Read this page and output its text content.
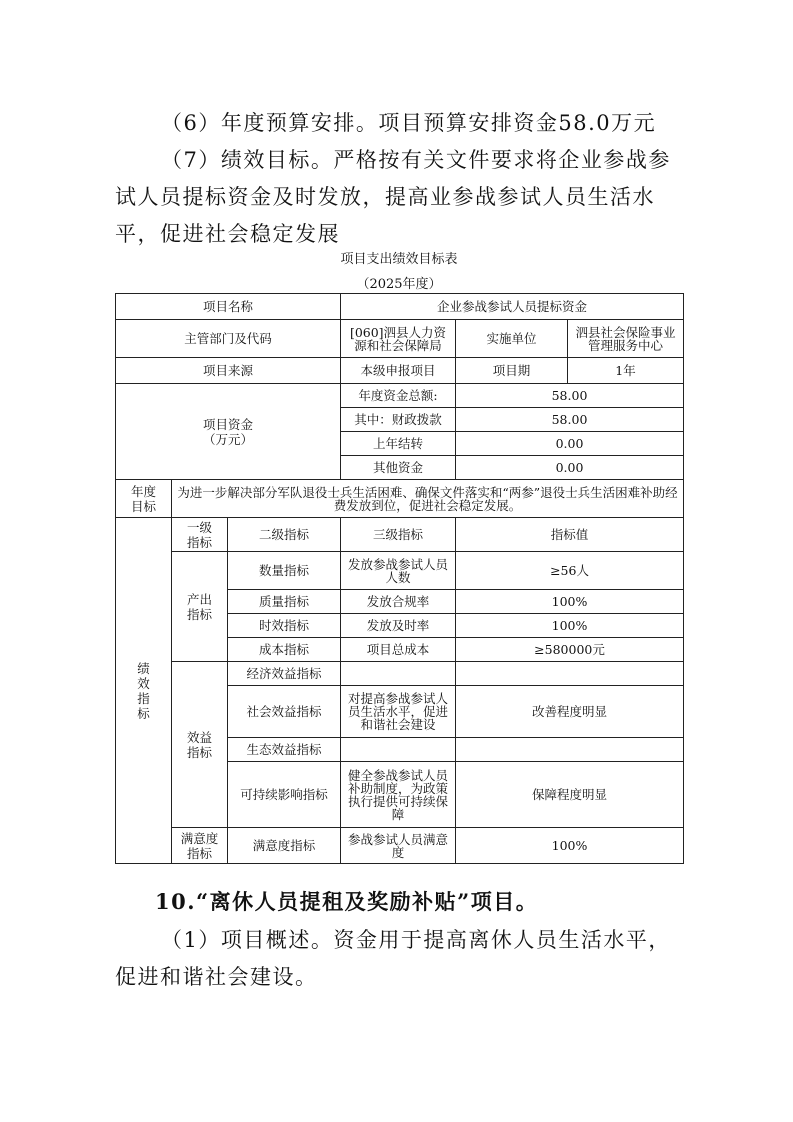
（6）年度预算安排。项目预算安排资金58.0万元
（7）绩效目标。严格按有关文件要求将企业参战参试人员提标资金及时发放，提高业参战参试人员生活水平，促进社会稳定发展
项目支出绩效目标表
（2025年度）
项目名称			企业参战参试人员提标资金		
主管部门及代码			[060]泗县人力资源和社会保障局	实施单位	泗县社会保险事业管理服务中心
项目来源			本级申报项目	项目期	1年

项目资金（万元）			年度资金总额:	58.00	
			其中：财政拨款	58.00	
			上年结转	0.00	
			其他资金	0.00	

年度目标	为进一步解决部分军队退役士兵生活困难、确保文件落实和“两参”退役士兵生活困难补助经费发放到位，促进社会稳定发展。				

绩效指标	一级指标	二级指标	三级指标	指标值	

	产出指标	数量指标	发放参战参试人员人数	≥56人	
		质量指标	发放合规率	100%	
		时效指标	发放及时率	100%	
		成本指标	项目总成本	≥580000元	

	效益指标	经济效益指标			
		社会效益指标	对提高参战参试人员生活水平，促进和谐社会建设	改善程度明显	
		生态效益指标			
		可持续影响指标	健全参战参试人员补助制度，为政策执行提供可持续保障	保障程度明显	

	满意度指标	满意度指标	参战参试人员满意度	100%	
10.“离休人员提租及奖励补贴”项目。
（1）项目概述。资金用于提高离休人员生活水平，促进和谐社会建设。
